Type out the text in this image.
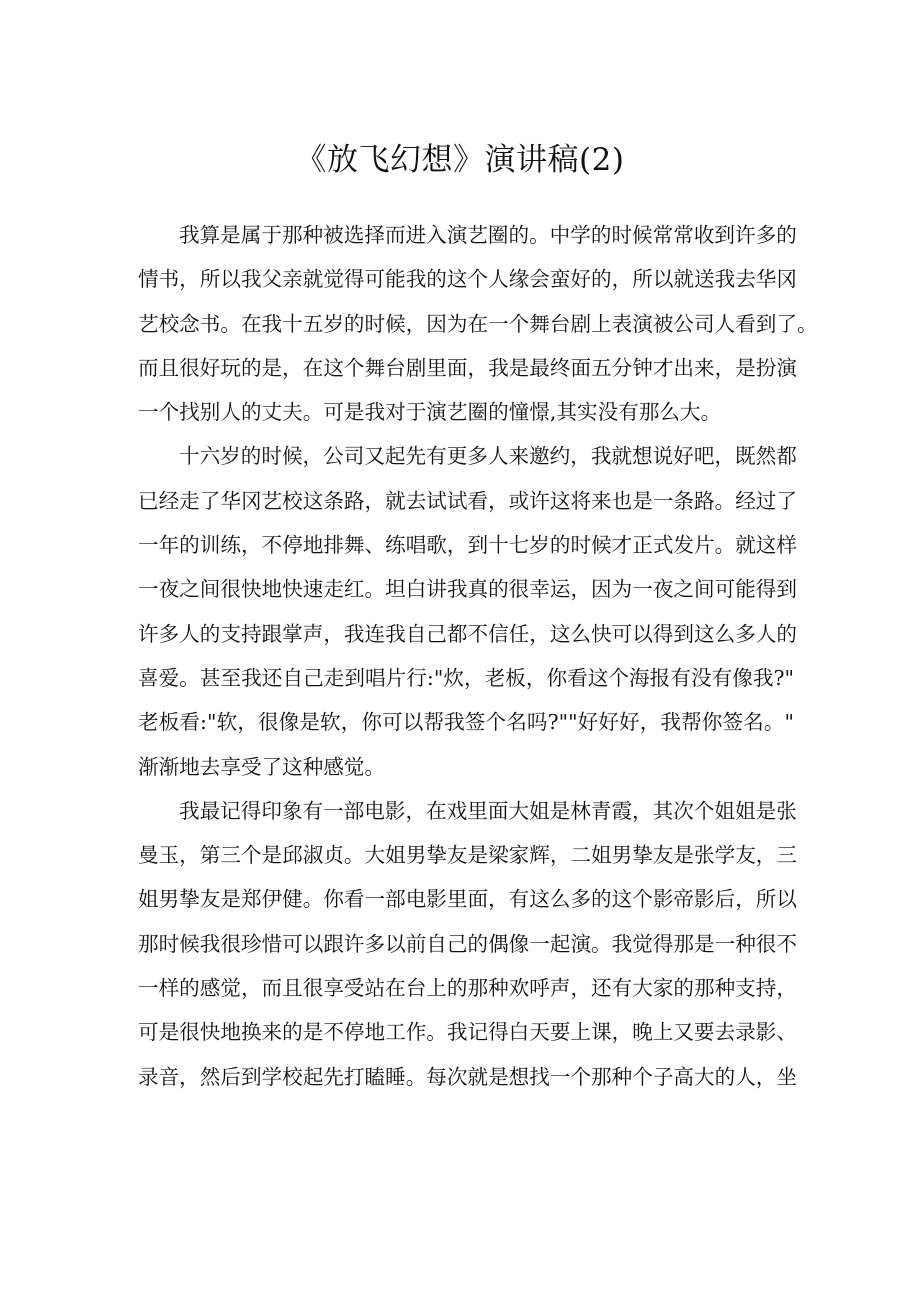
《放飞幻想》演讲稿(2)
我算是属于那种被选择而进入演艺圈的。中学的时候常常收到许多的
情书，所以我父亲就觉得可能我的这个人缘会蛮好的，所以就送我去华冈
艺校念书。在我十五岁的时候，因为在一个舞台剧上表演被公司人看到了。
而且很好玩的是，在这个舞台剧里面，我是最终面五分钟才出来，是扮演
一个找别人的丈夫。可是我对于演艺圈的憧憬,其实没有那么大。
十六岁的时候，公司又起先有更多人来邀约，我就想说好吧，既然都
已经走了华冈艺校这条路，就去试试看，或许这将来也是一条路。经过了
一年的训练，不停地排舞、练唱歌，到十七岁的时候才正式发片。就这样
一夜之间很快地快速走红。坦白讲我真的很幸运，因为一夜之间可能得到
许多人的支持跟掌声，我连我自己都不信任，这么快可以得到这么多人的
喜爱。甚至我还自己走到唱片行:"炊，老板，你看这个海报有没有像我?"
老板看:"软，很像是软，你可以帮我签个名吗?""好好好，我帮你签名。"
渐渐地去享受了这种感觉。
我最记得印象有一部电影，在戏里面大姐是林青霞，其次个姐姐是张
曼玉，第三个是邱淑贞。大姐男挚友是梁家辉，二姐男挚友是张学友，三
姐男挚友是郑伊健。你看一部电影里面，有这么多的这个影帝影后，所以
那时候我很珍惜可以跟许多以前自己的偶像一起演。我觉得那是一种很不
一样的感觉，而且很享受站在台上的那种欢呼声，还有大家的那种支持，
可是很快地换来的是不停地工作。我记得白天要上课，晚上又要去录影、
录音，然后到学校起先打瞌睡。每次就是想找一个那种个子高大的人，坐
